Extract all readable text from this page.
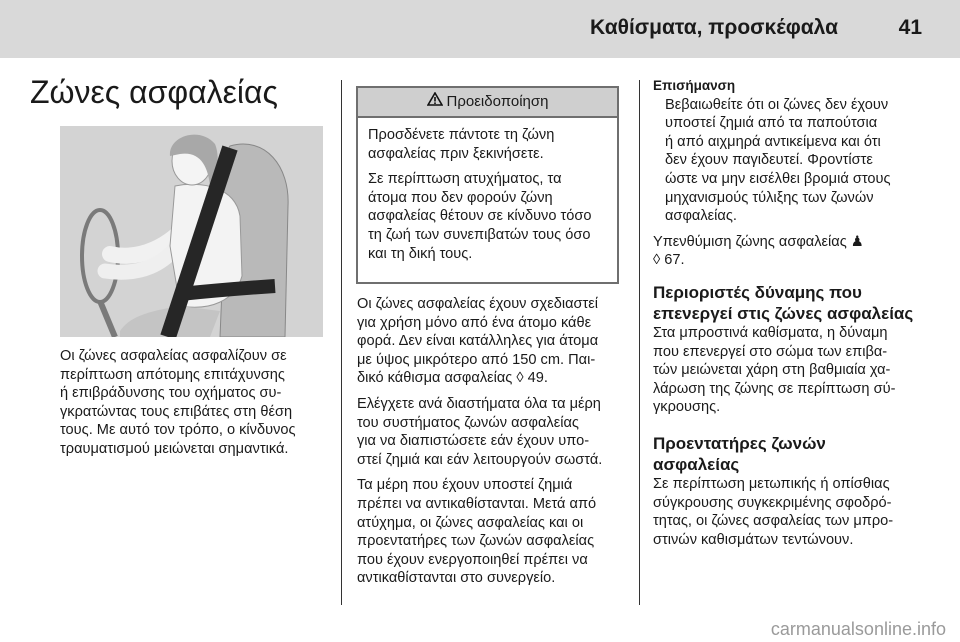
Καθίσματα, προσκέφαλα	41
Ζώνες ασφαλείας
Οι ζώνες ασφαλείας ασφαλίζουν σε
περίπτωση απότομης επιτάχυνσης
ή επιβράδυνσης του οχήματος συ-
γκρατώντας τους επιβάτες στη θέση
τους. Με αυτό τον τρόπο, ο κίνδυνος
τραυματισμού μειώνεται σημαντικά.
Προειδοποίηση

Προσδένετε πάντοτε τη ζώνη
ασφαλείας πριν ξεκινήσετε.

Σε περίπτωση ατυχήματος, τα
άτομα που δεν φορούν ζώνη
ασφαλείας θέτουν σε κίνδυνο τόσο
τη ζωή των συνεπιβατών τους όσο
και τη δική τους.

Οι ζώνες ασφαλείας έχουν σχεδιαστεί
για χρήση μόνο από ένα άτομο κάθε
φορά. Δεν είναι κατάλληλες για άτομα
με ύψος μικρότερο από 150 cm. Παι-
δικό κάθισμα ασφαλείας ◊ 49.

Ελέγχετε ανά διαστήματα όλα τα μέρη
του συστήματος ζωνών ασφαλείας
για να διαπιστώσετε εάν έχουν υπο-
στεί ζημιά και εάν λειτουργούν σωστά.

Τα μέρη που έχουν υποστεί ζημιά
πρέπει να αντικαθίστανται. Μετά από
ατύχημα, οι ζώνες ασφαλείας και οι
προεντατήρες των ζωνών ασφαλείας
που έχουν ενεργοποιηθεί πρέπει να
αντικαθίστανται στο συνεργείο.

Επισήμανση

Βεβαιωθείτε ότι οι ζώνες δεν έχουν
υποστεί ζημιά από τα παπούτσια
ή από αιχμηρά αντικείμενα και ότι
δεν έχουν παγιδευτεί. Φροντίστε
ώστε να μην εισέλθει βρομιά στους
μηχανισμούς τύλιξης των ζωνών
ασφαλείας.

Υπενθύμιση ζώνης ασφαλείας ♟
◊ 67.

Περιοριστές δύναμης που
επενεργεί στις ζώνες ασφαλείας

Στα μπροστινά καθίσματα, η δύναμη
που επενεργεί στο σώμα των επιβα-
τών μειώνεται χάρη στη βαθμιαία χα-
λάρωση της ζώνης σε περίπτωση σύ-
γκρουσης.

Προεντατήρες ζωνών
ασφαλείας

Σε περίπτωση μετωπικής ή οπίσθιας
σύγκρουσης συγκεκριμένης σφοδρό-
τητας, οι ζώνες ασφαλείας των μπρο-
στινών καθισμάτων τεντώνουν.

carmanualsonline.info
